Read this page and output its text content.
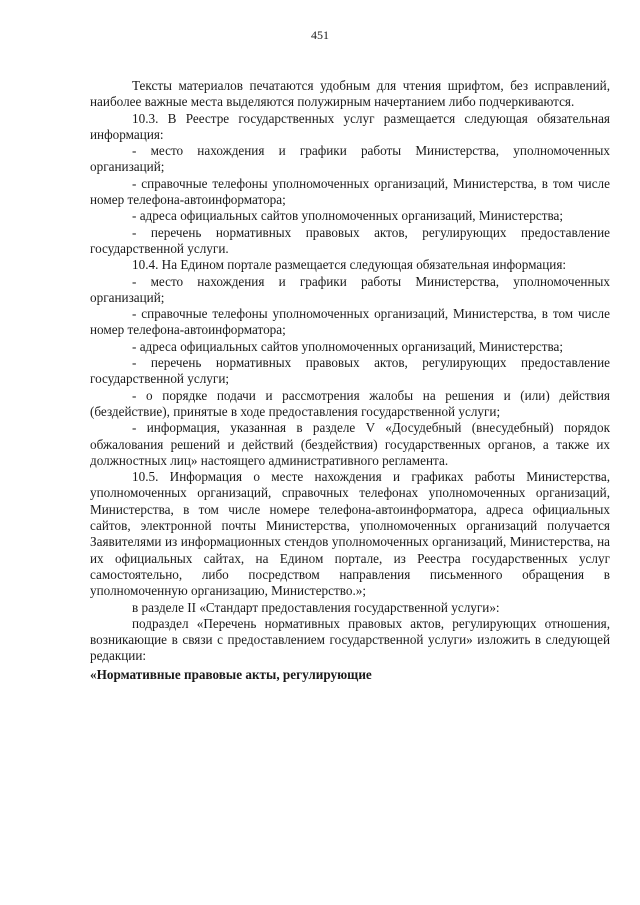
451

Тексты материалов печатаются удобным для чтения шрифтом, без исправлений, наиболее важные места выделяются полужирным начертанием либо подчеркиваются.

10.3. В Реестре государственных услуг размещается следующая обязательная информация:

- место нахождения и графики работы Министерства, уполномоченных организаций;

- справочные телефоны уполномоченных организаций, Министерства, в том числе номер телефона-автоинформатора;

- адреса официальных сайтов уполномоченных организаций, Министерства;

- перечень нормативных правовых актов, регулирующих предоставление государственной услуги.

10.4. На Едином портале размещается следующая обязательная информация:

- место нахождения и графики работы Министерства, уполномоченных организаций;

- справочные телефоны уполномоченных организаций, Министерства, в том числе номер телефона-автоинформатора;

- адреса официальных сайтов уполномоченных организаций, Министерства;

- перечень нормативных правовых актов, регулирующих предоставление государственной услуги;

- о порядке подачи и рассмотрения жалобы на решения и (или) действия (бездействие), принятые в ходе предоставления государственной услуги;

- информация, указанная в разделе V «Досудебный (внесудебный) порядок обжалования решений и действий (бездействия) государственных органов, а также их должностных лиц» настоящего административного регламента.

10.5. Информация о месте нахождения и графиках работы Министерства, уполномоченных организаций, справочных телефонах уполномоченных организаций, Министерства, в том числе номере телефона-автоинформатора, адреса официальных сайтов, электронной почты Министерства, уполномоченных организаций получается Заявителями из информационных стендов уполномоченных организаций, Министерства, на их официальных сайтах, на Едином портале, из Реестра государственных услуг самостоятельно, либо посредством направления письменного обращения в уполномоченную организацию, Министерство.»;

в разделе II «Стандарт предоставления государственной услуги»:

подраздел «Перечень нормативных правовых актов, регулирующих отношения, возникающие в связи с предоставлением государственной услуги» изложить в следующей редакции:

«Нормативные правовые акты, регулирующие
